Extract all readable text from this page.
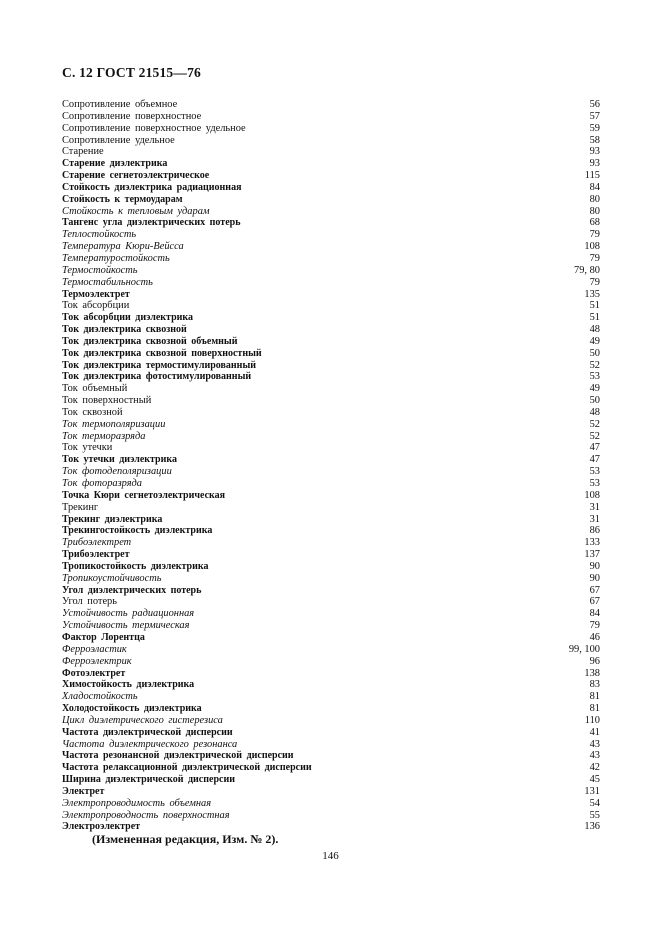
С. 12 ГОСТ 21515—76
Сопротивление объемное	56
Сопротивление поверхностное	57
Сопротивление поверхностное удельное	59
Сопротивление удельное	58
Старение	93
Старение диэлектрика	93
Старение сегнетоэлектрическое	115
Стойкость диэлектрика радиационная	84
Стойкость к термоударам	80
Стойкость к тепловым ударам	80
Тангенс угла диэлектрических потерь	68
Теплостойкость	79
Температура Кюри-Вейсса	108
Температуростойкость	79
Термостойкость	79, 80
Термостабильность	79
Термоэлектрет	135
Ток абсорбции	51
Ток абсорбции диэлектрика	51
Ток диэлектрика сквозной	48
Ток диэлектрика сквозной объемный	49
Ток диэлектрика сквозной поверхностный	50
Ток диэлектрика термостимулированный	52
Ток диэлектрика фотостимулированный	53
Ток объемный	49
Ток поверхностный	50
Ток сквозной	48
Ток термополяризации	52
Ток терморазряда	52
Ток утечки	47
Ток утечки диэлектрика	47
Ток фотодеполяризации	53
Ток фоторазряда	53
Точка Кюри сегнетоэлектрическая	108
Трекинг	31
Трекинг диэлектрика	31
Трекингостойкость диэлектрика	86
Трибоэлектрет	133
Трибоэлектрет	137
Тропикостойкость диэлектрика	90
Тропикоустойчивость	90
Угол диэлектрических потерь	67
Угол потерь	67
Устойчивость радиационная	84
Устойчивость термическая	79
Фактор Лорентца	46
Ферроэластик	99, 100
Ферроэлектрик	96
Фотоэлектрет	138
Химостойкость диэлектрика	83
Хладостойкость	81
Холодостойкость диэлектрика	81
Цикл диэлетрического гистерезиса	110
Частота диэлектрической дисперсии	41
Частота диэлектрического резонанса	43
Частота резонансной диэлектрической дисперсии	43
Частота релаксационной диэлектрической дисперсии	42
Ширина диэлектрической дисперсии	45
Электрет	131
Электропроводимость объемная	54
Электропроводность поверхностная	55
Электроэлектрет	136
(Измененная редакция, Изм. № 2).
146
